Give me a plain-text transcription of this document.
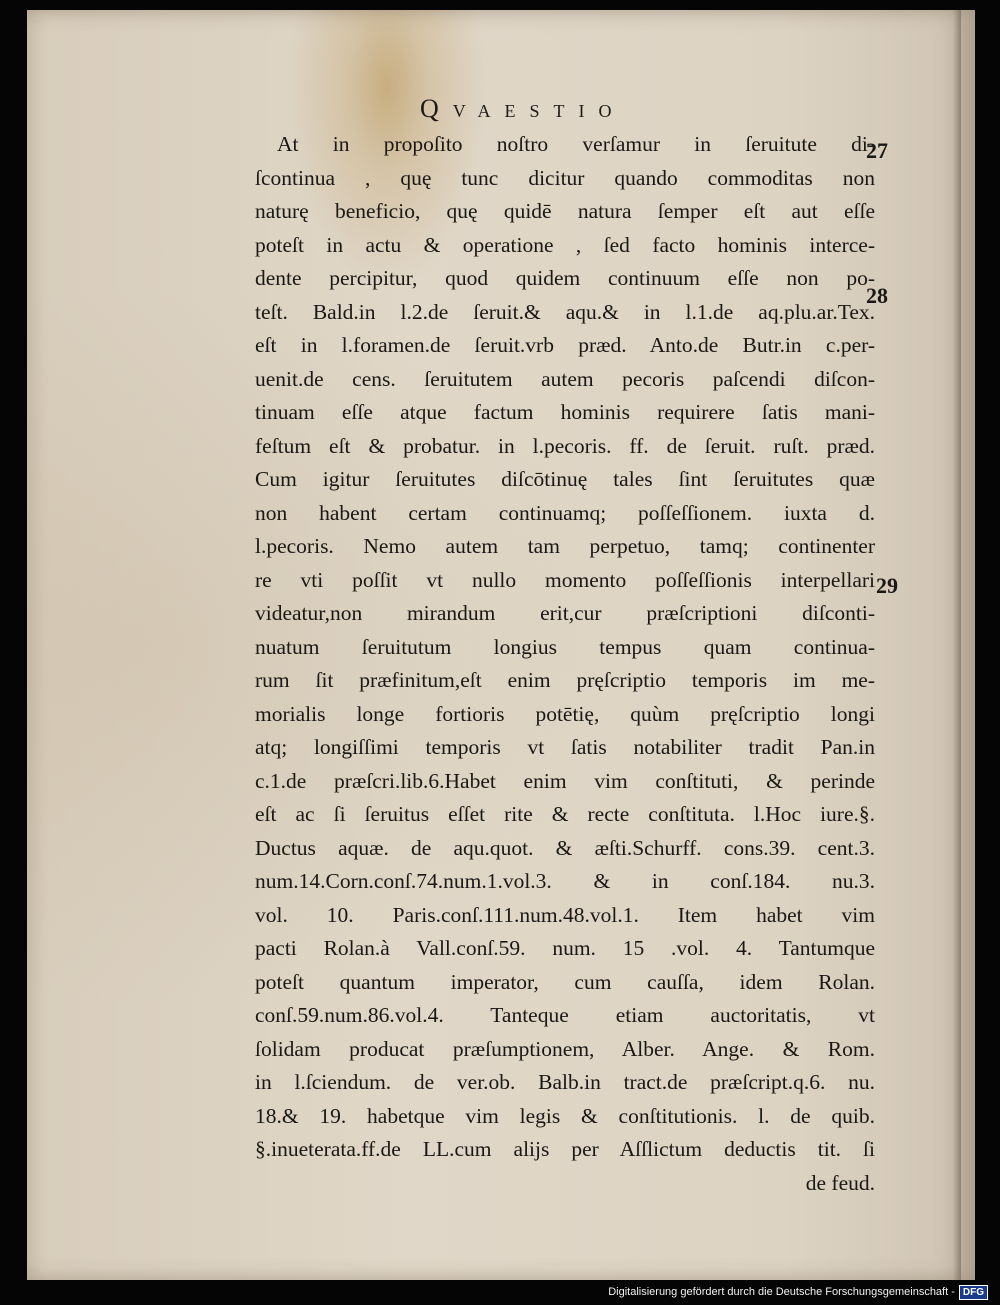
Qvaestio
27
28
29
At in propoſito noſtro verſamur in ſeruitute di-
ſcontinua , quę tunc dicitur quando commoditas non
naturę beneficio, quę quidē natura ſemper eſt aut eſſe
poteſt in actu & operatione , ſed facto hominis interce-
dente percipitur, quod quidem continuum eſſe non po-
teſt. Bald.in l.2.de ſeruit.& aqu.& in l.1.de aq.plu.ar.Tex.
eſt in l.foramen.de ſeruit.vrb præd. Anto.de Butr.in c.per-
uenit.de cens. ſeruitutem autem pecoris paſcendi diſcon-
tinuam eſſe atque factum hominis requirere ſatis mani-
feſtum eſt & probatur. in l.pecoris. ff. de ſeruit. ruſt. præd.
Cum igitur ſeruitutes diſcōtinuę tales ſint ſeruitutes quæ
non habent certam continuamq; poſſeſſionem. iuxta d.
l.pecoris. Nemo autem tam perpetuo, tamq; continenter
re vti poſſit vt nullo momento poſſeſſionis interpellari
videatur,non mirandum erit,cur præſcriptioni diſconti-
nuatum ſeruitutum longius tempus quam continua-
rum ſit præfinitum,eſt enim pręſcriptio temporis im me-
morialis longe fortioris potētię, quùm pręſcriptio longi
atq; longiſſimi temporis vt ſatis notabiliter tradit Pan.in
c.1.de præſcri.lib.6.Habet enim vim conſtituti, & perinde
eſt ac ſi ſeruitus eſſet rite & recte conſtituta. l.Hoc iure.§.
Ductus aquæ. de aqu.quot. & æſti.Schurff. cons.39. cent.3.
num.14.Corn.conſ.74.num.1.vol.3. & in conſ.184. nu.3.
vol. 10. Paris.conſ.111.num.48.vol.1. Item habet vim
pacti Rolan.à Vall.conſ.59. num. 15 .vol. 4. Tantumque
poteſt quantum imperator, cum cauſſa, idem Rolan.
conſ.59.num.86.vol.4. Tanteque etiam auctoritatis, vt
ſolidam producat præſumptionem, Alber. Ange. & Rom.
in l.ſciendum. de ver.ob. Balb.in tract.de præſcript.q.6. nu.
18.& 19. habetque vim legis & conſtitutionis. l. de quib.
§.inueterata.ff.de LL.cum alijs per Aſſlictum deductis tit. ſi
de feud.
Digitalisierung gefördert durch die Deutsche Forschungsgemeinschaft - DFG
